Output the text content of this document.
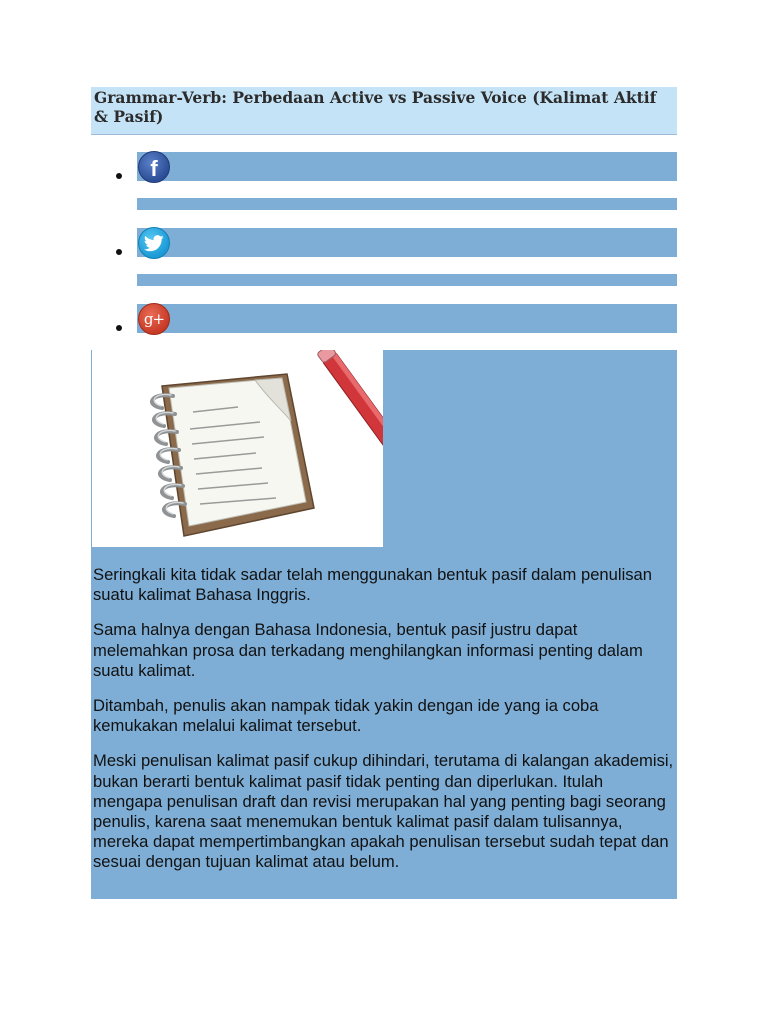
Grammar-Verb: Perbedaan Active vs Passive Voice (Kalimat Aktif & Pasif)
f
g+

Seringkali kita tidak sadar telah menggunakan bentuk pasif dalam penulisan suatu kalimat Bahasa Inggris.

Sama halnya dengan Bahasa Indonesia, bentuk pasif justru dapat melemahkan prosa dan terkadang menghilangkan informasi penting dalam suatu kalimat.

Ditambah, penulis akan nampak tidak yakin dengan ide yang ia coba kemukakan melalui kalimat tersebut.

Meski penulisan kalimat pasif cukup dihindari, terutama di kalangan akademisi, bukan berarti bentuk kalimat pasif tidak penting dan diperlukan. Itulah mengapa penulisan draft dan revisi merupakan hal yang penting bagi seorang penulis, karena saat menemukan bentuk kalimat pasif dalam tulisannya, mereka dapat mempertimbangkan apakah penulisan tersebut sudah tepat dan sesuai dengan tujuan kalimat atau belum.
